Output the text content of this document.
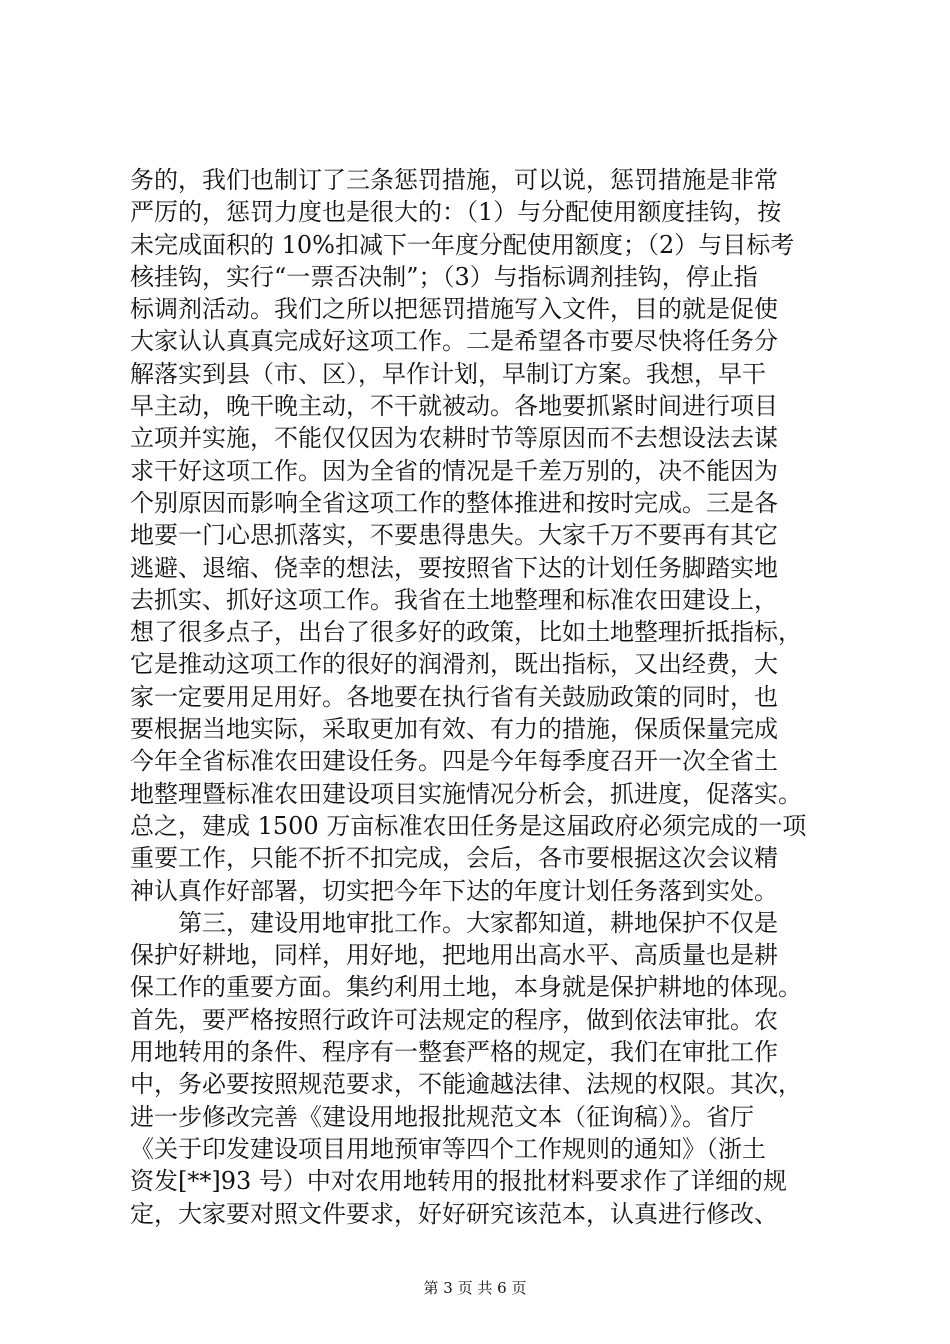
务的，我们也制订了三条惩罚措施，可以说，惩罚措施是非常
严厉的，惩罚力度也是很大的：（1）与分配使用额度挂钩，按
未完成面积的 10%扣减下一年度分配使用额度；（2）与目标考
核挂钩，实行“一票否决制”；（3）与指标调剂挂钩，停止指
标调剂活动。我们之所以把惩罚措施写入文件，目的就是促使
大家认认真真完成好这项工作。二是希望各市要尽快将任务分
解落实到县（市、区），早作计划，早制订方案。我想，早干
早主动，晚干晚主动，不干就被动。各地要抓紧时间进行项目
立项并实施，不能仅仅因为农耕时节等原因而不去想设法去谋
求干好这项工作。因为全省的情况是千差万别的，决不能因为
个别原因而影响全省这项工作的整体推进和按时完成。三是各
地要一门心思抓落实，不要患得患失。大家千万不要再有其它
逃避、退缩、侥幸的想法，要按照省下达的计划任务脚踏实地
去抓实、抓好这项工作。我省在土地整理和标准农田建设上，
想了很多点子，出台了很多好的政策，比如土地整理折抵指标，
它是推动这项工作的很好的润滑剂，既出指标，又出经费，大
家一定要用足用好。各地要在执行省有关鼓励政策的同时，也
要根据当地实际，采取更加有效、有力的措施，保质保量完成
今年全省标准农田建设任务。四是今年每季度召开一次全省土
地整理暨标准农田建设项目实施情况分析会，抓进度，促落实。
总之，建成 1500 万亩标准农田任务是这届政府必须完成的一项
重要工作，只能不折不扣完成，会后，各市要根据这次会议精
神认真作好部署，切实把今年下达的年度计划任务落到实处。
　　第三，建设用地审批工作。大家都知道，耕地保护不仅是
保护好耕地，同样，用好地，把地用出高水平、高质量也是耕
保工作的重要方面。集约利用土地，本身就是保护耕地的体现。
首先，要严格按照行政许可法规定的程序，做到依法审批。农
用地转用的条件、程序有一整套严格的规定，我们在审批工作
中，务必要按照规范要求，不能逾越法律、法规的权限。其次，
进一步修改完善《建设用地报批规范文本（征询稿）》。省厅
《关于印发建设项目用地预审等四个工作规则的通知》（浙土
资发[**]93 号）中对农用地转用的报批材料要求作了详细的规
定，大家要对照文件要求，好好研究该范本，认真进行修改、
第 3 页 共 6 页
